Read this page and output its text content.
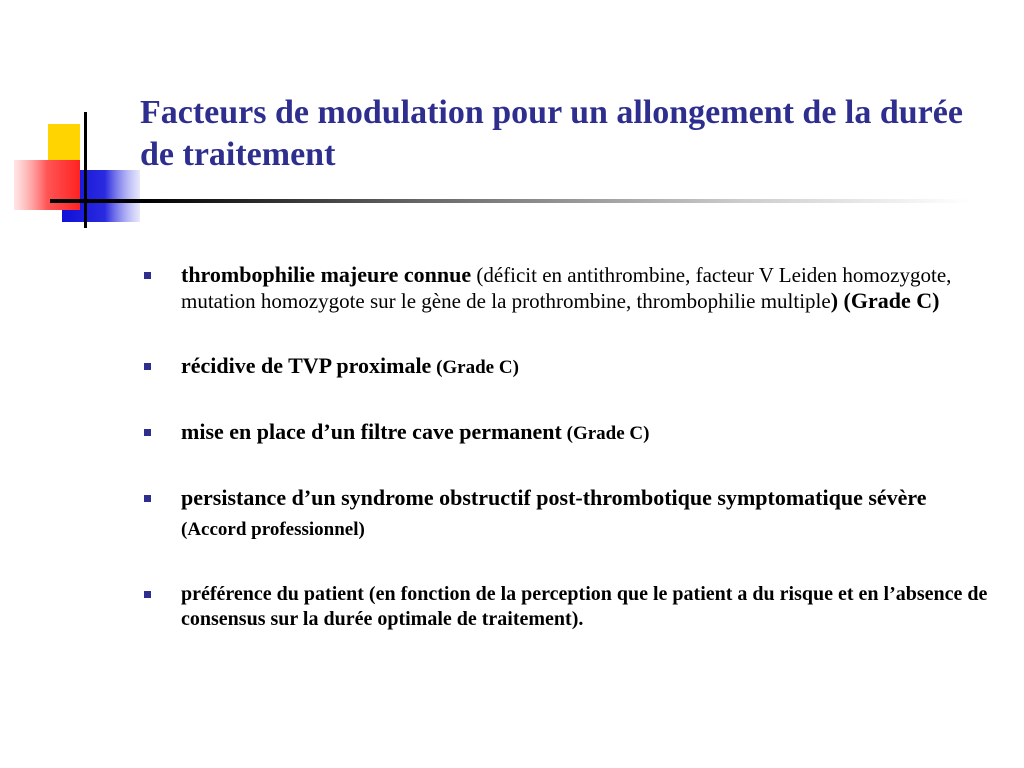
Facteurs de modulation pour un allongement de la durée de traitement
thrombophilie majeure connue (déficit en antithrombine, facteur V Leiden homozygote, mutation homozygote sur le gène de la prothrombine, thrombophilie multiple) (Grade C)
récidive de TVP proximale (Grade C)
mise en place d’un filtre cave permanent (Grade C)
persistance d’un syndrome obstructif post-thrombotique symptomatique sévère (Accord professionnel)
préférence du patient (en fonction de la perception que le patient a du risque et en l’absence de consensus sur la durée optimale de traitement).
